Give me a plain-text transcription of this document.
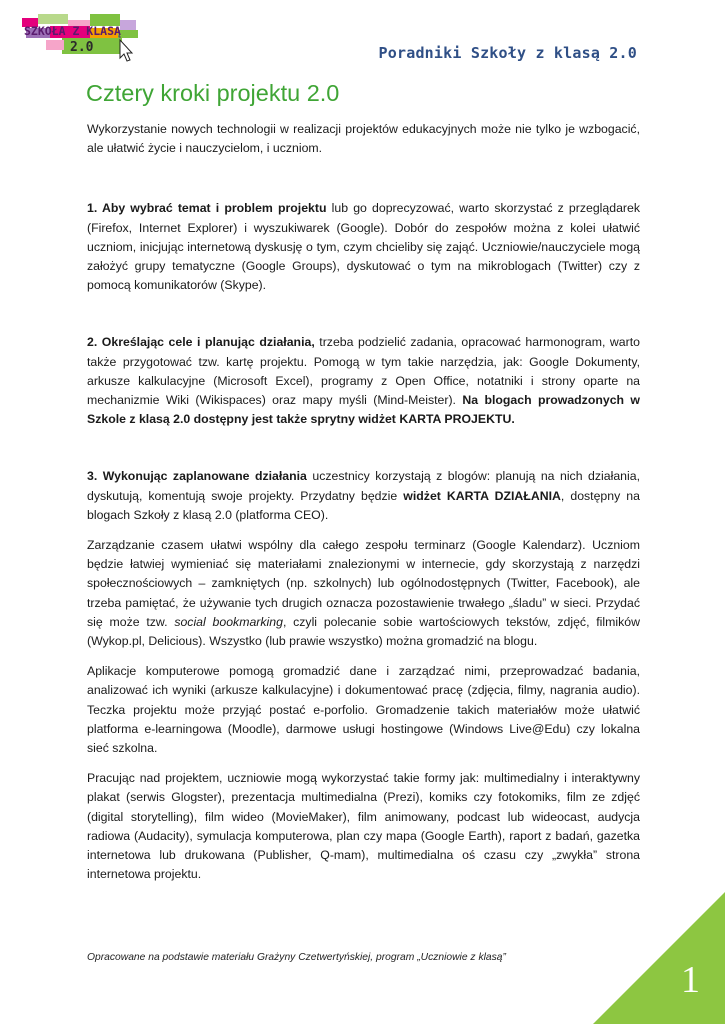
SZKOŁA Z KLASĄ
2.0	Poradniki Szkoły z klasą 2.0
Cztery kroki projektu 2.0

Wykorzystanie nowych technologii w realizacji projektów edukacyjnych może nie tylko je wzbogacić, ale ułatwić życie i nauczycielom, i uczniom.

1. Aby wybrać temat i problem projektu lub go doprecyzować, warto skorzystać z przeglądarek (Firefox, Internet Explorer) i wyszukiwarek (Google). Dobór do zespołów można z kolei ułatwić uczniom, inicjując internetową dyskusję o tym, czym chcieliby się zająć. Uczniowie/nauczyciele mogą założyć grupy tematyczne (Google Groups), dyskutować o tym na mikroblogach (Twitter) czy z pomocą komunikatorów (Skype).

2. Określając cele i planując działania, trzeba podzielić zadania, opracować harmonogram, warto także przygotować tzw. kartę projektu. Pomogą w tym takie narzędzia, jak: Google Dokumenty, arkusze kalkulacyjne (Microsoft Excel), programy z Open Office, notatniki i strony oparte na mechanizmie Wiki (Wikispaces) oraz mapy myśli (Mind-Meister). Na blogach prowadzonych w Szkole z klasą 2.0 dostępny jest także sprytny widżet KARTA PROJEKTU.

3. Wykonując zaplanowane działania uczestnicy korzystają z blogów: planują na nich działania, dyskutują, komentują swoje projekty. Przydatny będzie widżet KARTA DZIAŁANIA, dostępny na blogach Szkoły z klasą 2.0 (platforma CEO).

Zarządzanie czasem ułatwi wspólny dla całego zespołu terminarz (Google Kalendarz). Uczniom będzie łatwiej wymieniać się materiałami znalezionymi w internecie, gdy skorzystają z narzędzi społecznościowych – zamkniętych (np. szkolnych) lub ogólnodostępnych (Twitter, Facebook), ale trzeba pamiętać, że używanie tych drugich oznacza pozostawienie trwałego „śladu” w sieci. Przydać się może tzw. social bookmarking, czyli polecanie sobie wartościowych tekstów, zdjęć, filmików (Wykop.pl, Delicious). Wszystko (lub prawie wszystko) można gromadzić na blogu.

Aplikacje komputerowe pomogą gromadzić dane i zarządzać nimi, przeprowadzać badania, analizować ich wyniki (arkusze kalkulacyjne) i dokumentować pracę (zdjęcia, filmy, nagrania audio). Teczka projektu może przyjąć postać e-porfolio. Gromadzenie takich materiałów może ułatwić platforma e-learningowa (Moodle), darmowe usługi hostingowe (Windows Live@Edu) czy lokalna sieć szkolna.

Pracując nad projektem, uczniowie mogą wykorzystać takie formy jak: multimedialny i interaktywny plakat (serwis Glogster), prezentacja multimedialna (Prezi), komiks czy fotokomiks, film ze zdjęć (digital storytelling), film wideo (MovieMaker), film animowany, podcast lub wideocast, audycja radiowa (Audacity), symulacja komputerowa, plan czy mapa (Google Earth), raport z badań, gazetka internetowa lub drukowana (Publisher, Q-mam), multimedialna oś czasu czy „zwykła” strona internetowa projektu.

Opracowane na podstawie materiału Grażyny Czetwertyńskiej, program „Uczniowie z klasą”
1
